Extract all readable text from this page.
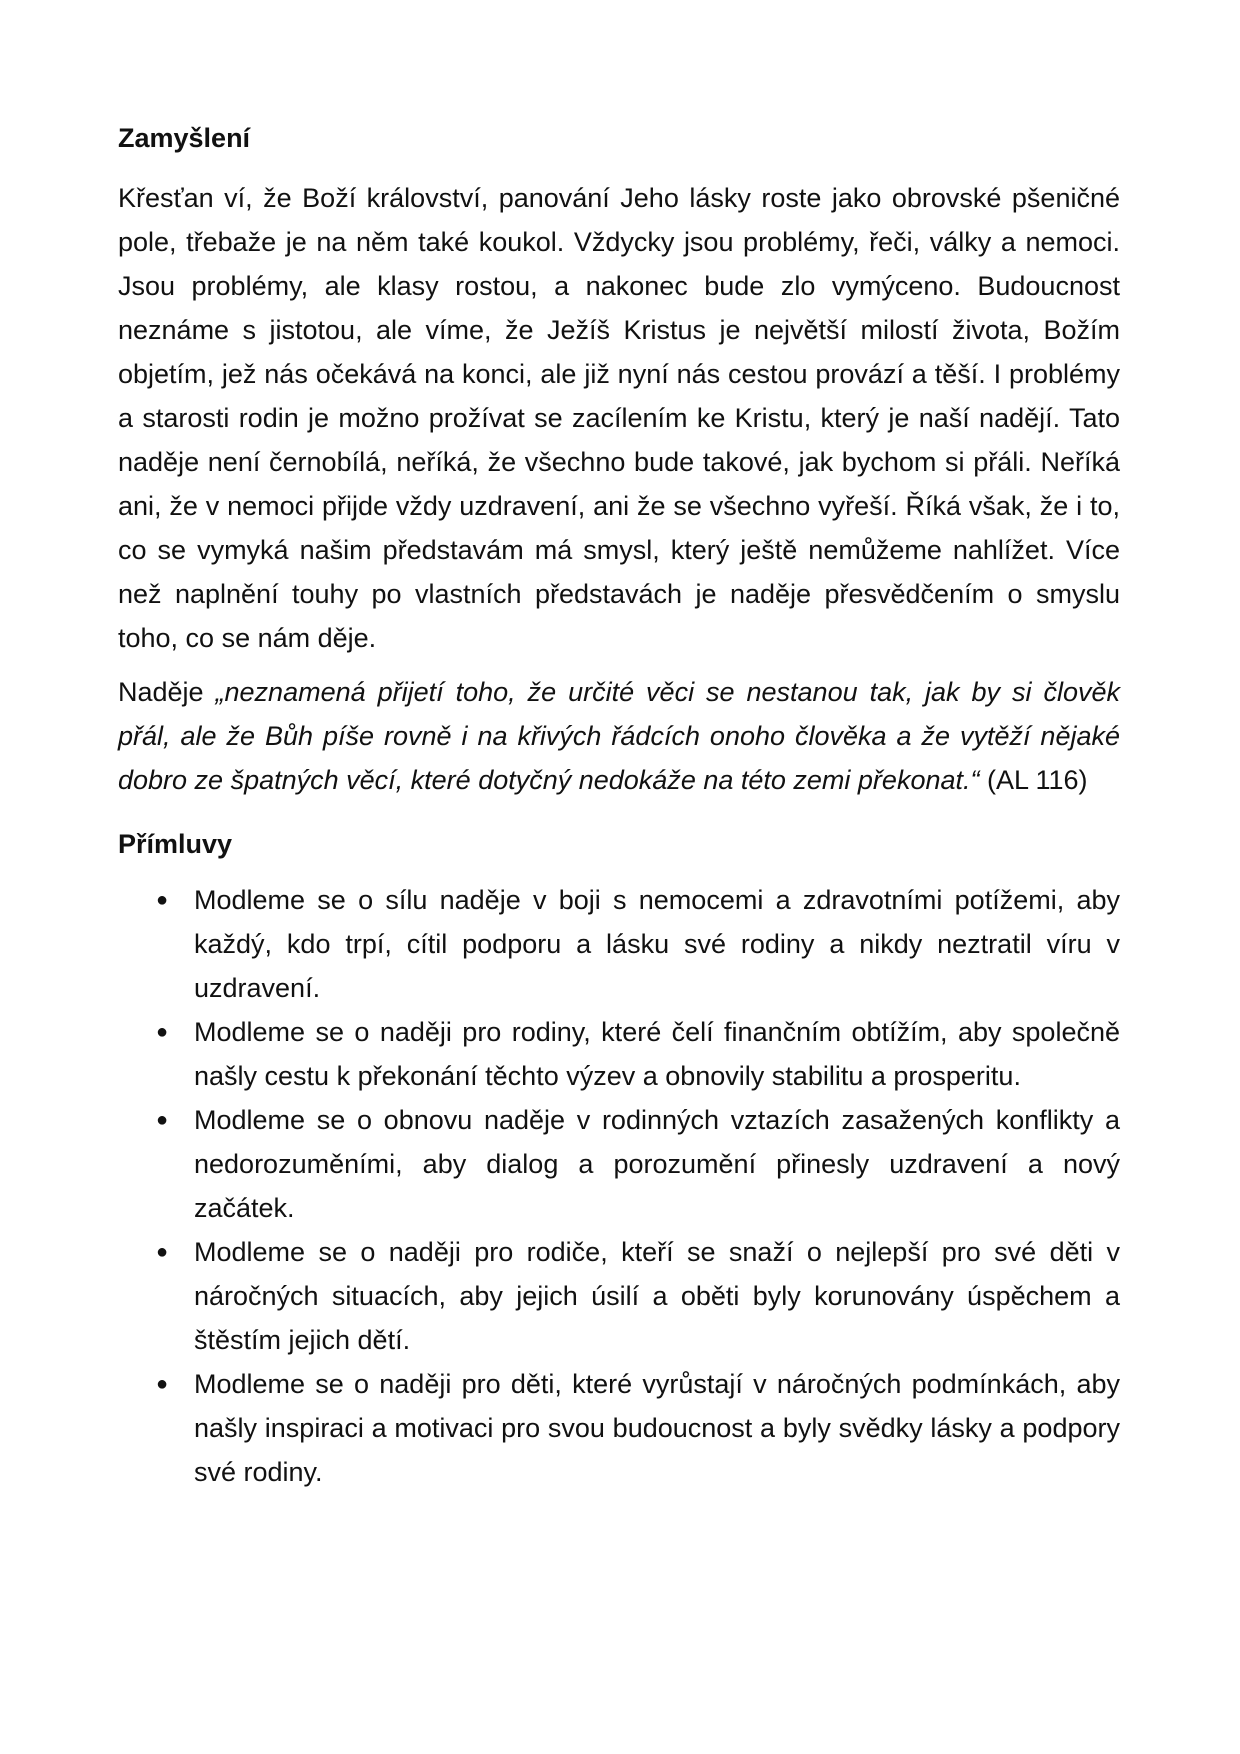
Zamyšlení

Křesťan ví, že Boží království, panování Jeho lásky roste jako obrovské pšeničné pole, třebaže je na něm také koukol. Vždycky jsou problémy, řeči, války a nemoci. Jsou problémy, ale klasy rostou, a nakonec bude zlo vymýceno. Budoucnost neznáme s jistotou, ale víme, že Ježíš Kristus je největší milostí života, Božím objetím, jež nás očekává na konci, ale již nyní nás cestou provází a těší. I problémy a starosti rodin je možno prožívat se zacílením ke Kristu, který je naší nadějí. Tato naděje není černobílá, neříká, že všechno bude takové, jak bychom si přáli. Neříká ani, že v nemoci přijde vždy uzdravení, ani že se všechno vyřeší. Říká však, že i to, co se vymyká našim představám má smysl, který ještě nemůžeme nahlížet. Více než naplnění touhy po vlastních představách je naděje přesvědčením o smyslu toho, co se nám děje.

Naděje „neznamená přijetí toho, že určité věci se nestanou tak, jak by si člověk přál, ale že Bůh píše rovně i na křivých řádcích onoho člověka a že vytěží nějaké dobro ze špatných věcí, které dotyčný nedokáže na této zemi překonat.“ (AL 116)

Přímluvy
● Modleme se o sílu naděje v boji s nemocemi a zdravotními potížemi, aby každý, kdo trpí, cítil podporu a lásku své rodiny a nikdy neztratil víru v uzdravení.
● Modleme se o naději pro rodiny, které čelí finančním obtížím, aby společně našly cestu k překonání těchto výzev a obnovily stabilitu a prosperitu.
● Modleme se o obnovu naděje v rodinných vztazích zasažených konflikty a nedorozuměními, aby dialog a porozumění přinesly uzdravení a nový začátek.
● Modleme se o naději pro rodiče, kteří se snaží o nejlepší pro své děti v náročných situacích, aby jejich úsilí a oběti byly korunovány úspěchem a štěstím jejich dětí.
● Modleme se o naději pro děti, které vyrůstají v náročných podmínkách, aby našly inspiraci a motivaci pro svou budoucnost a byly svědky lásky a podpory své rodiny.
